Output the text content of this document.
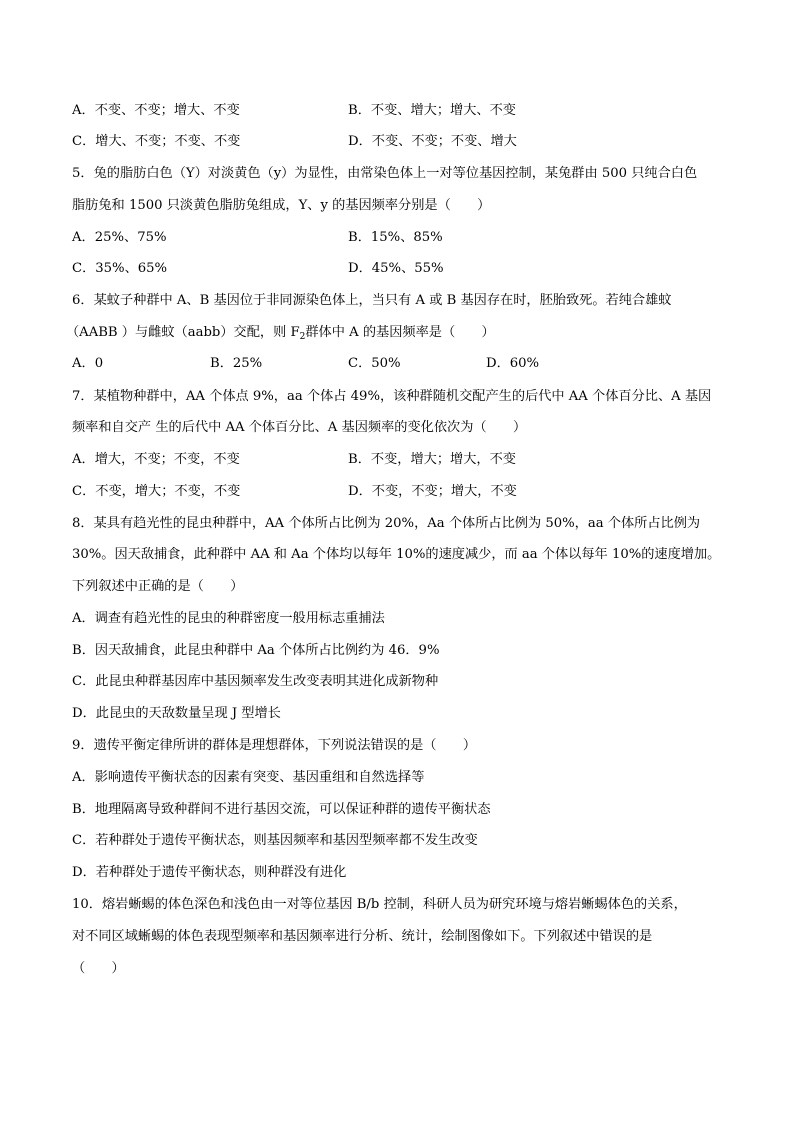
A．不变、不变；增大、不变	B．不变、增大；增大、不变
C．增大、不变；不变、不变	D．不变、不变；不变、增大
5．兔的脂肪白色（Y）对淡黄色（y）为显性，由常染色体上一对等位基因控制，某兔群由 500 只纯合白色
脂肪兔和 1500 只淡黄色脂肪兔组成，Y、y 的基因频率分别是（　　）
A．25%、75%	B．15%、85%
C．35%、65%	D．45%、55%
6．某蚊子种群中 A、B 基因位于非同源染色体上，当只有 A 或 B 基因存在时，胚胎致死。若纯合雄蚊
（AABB ）与雌蚊（aabb）交配，则 $F_2$群体中 A 的基因频率是（　　）
A．0	B．25%	C．50%	D．60%
7．某植物种群中，AA 个体点 9%，aa 个体占 49%，该种群随机交配产生的后代中 AA 个体百分比、A 基因
频率和自交产 生的后代中 AA 个体百分比、A 基因频率的变化依次为（　　）
A．增大，不变；不变，不变	B．不变，增大；增大，不变
C．不变，增大；不变，不变	D．不变，不变；增大，不变
8．某具有趋光性的昆虫种群中，AA 个体所占比例为 20%，Aa 个体所占比例为 50%，aa 个体所占比例为
30%。因天敌捕食，此种群中 AA 和 Aa 个体均以每年 10%的速度减少，而 aa 个体以每年 10%的速度增加。
下列叙述中正确的是（　　）
A．调查有趋光性的昆虫的种群密度一般用标志重捕法
B．因天敌捕食，此昆虫种群中 Aa 个体所占比例约为 46．9%
C．此昆虫种群基因库中基因频率发生改变表明其进化成新物种
D．此昆虫的天敌数量呈现 J 型增长
9．遗传平衡定律所讲的群体是理想群体，下列说法错误的是（　　）
A．影响遗传平衡状态的因素有突变、基因重组和自然选择等
B．地理隔离导致种群间不进行基因交流，可以保证种群的遗传平衡状态
C．若种群处于遗传平衡状态，则基因频率和基因型频率都不发生改变
D．若种群处于遗传平衡状态，则种群没有进化
10．熔岩蜥蜴的体色深色和浅色由一对等位基因 B/b 控制，科研人员为研究环境与熔岩蜥蜴体色的关系，
对不同区域蜥蜴的体色表现型频率和基因频率进行分析、统计，绘制图像如下。下列叙述中错误的是
（　　）
